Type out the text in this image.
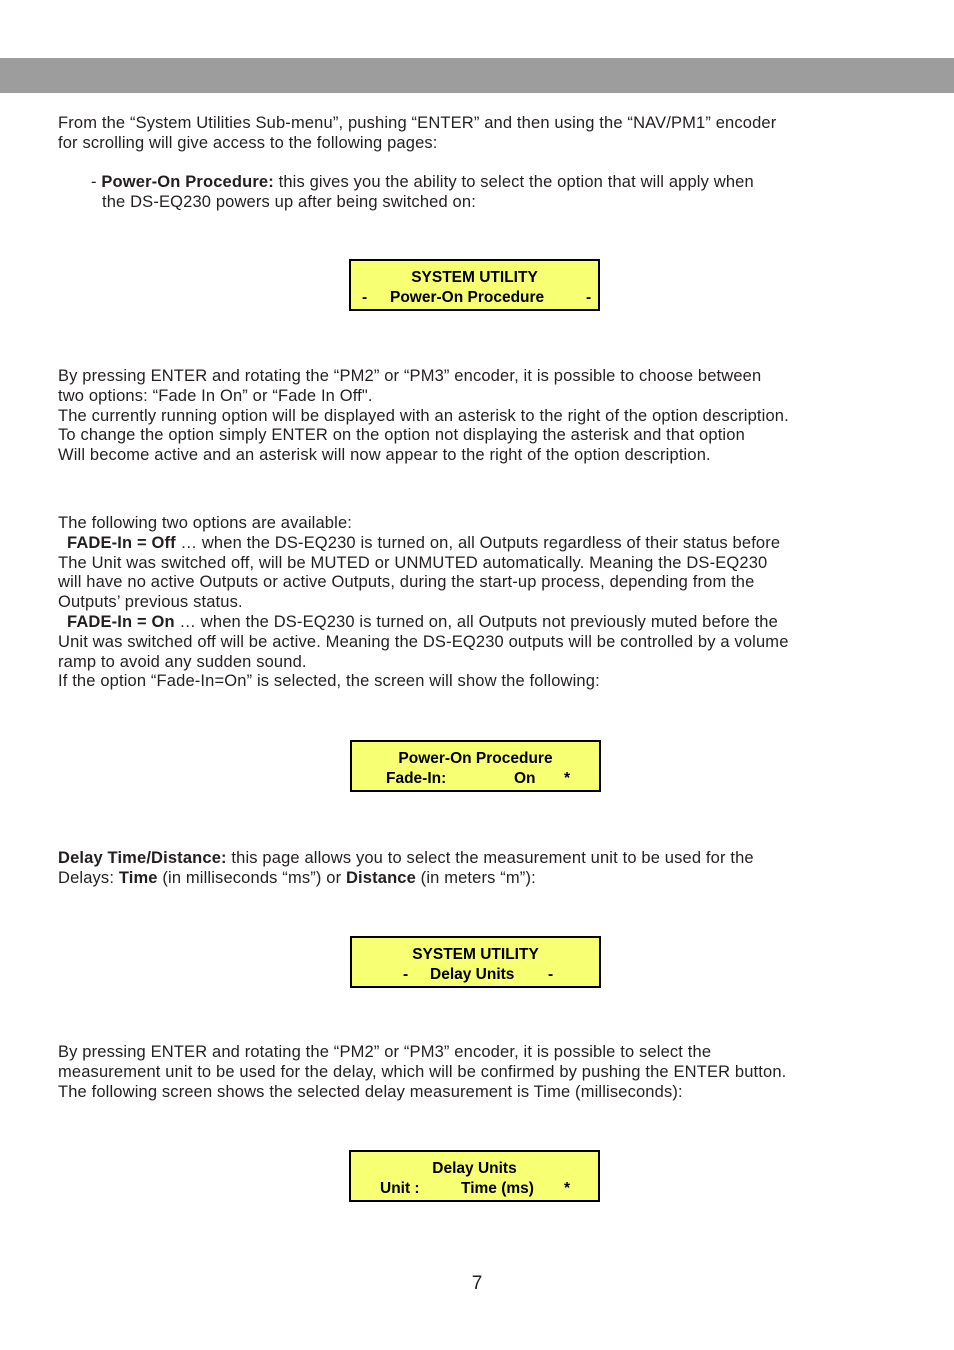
From the “System Utilities Sub-menu”, pushing “ENTER” and then using the “NAV/PM1” encoder
for scrolling will give access to the following pages:

- Power-On Procedure: this gives you the ability to select the option that will apply when
the DS-EQ230 powers up after being switched on:

SYSTEM UTILITY

-

Power-On Procedure

	-

By pressing ENTER and rotating the “PM2” or “PM3” encoder, it is possible to choose between
two options: “Fade In On” or “Fade In Off".
The currently running option will be displayed with an asterisk to the right of the option description.
To change the option simply ENTER on the option not displaying the asterisk and that option
Will become active and an asterisk will now appear to the right of the option description.

The following two options are available:
FADE-In = Off … when the DS-EQ230 is turned on, all Outputs regardless of their status before
The Unit was switched off, will be MUTED or UNMUTED automatically. Meaning the DS-EQ230
will have no active Outputs or active Outputs, during the start-up process, depending from the
Outputs’ previous status.
FADE-In = On … when the DS-EQ230 is turned on, all Outputs not previously muted before the
Unit was switched off will be active. Meaning the DS-EQ230 outputs will be controlled by a volume
ramp to avoid any sudden sound.
If the option “Fade-In=On” is selected, the screen will show the following:

Power-On Procedure

Fade-In:

	On

*

Delay Time/Distance: this page allows you to select the measurement unit to be used for the
Delays: Time (in milliseconds “ms”) or Distance (in meters “m”):

SYSTEM UTILITY

-

Delay Units

-

By pressing ENTER and rotating the “PM2” or “PM3” encoder, it is possible to select the
measurement unit to be used for the delay, which will be confirmed by pushing the ENTER button.
The following screen shows the selected delay measurement is Time (milliseconds):

Delay Units

Unit :

	Time (ms)

*

7
